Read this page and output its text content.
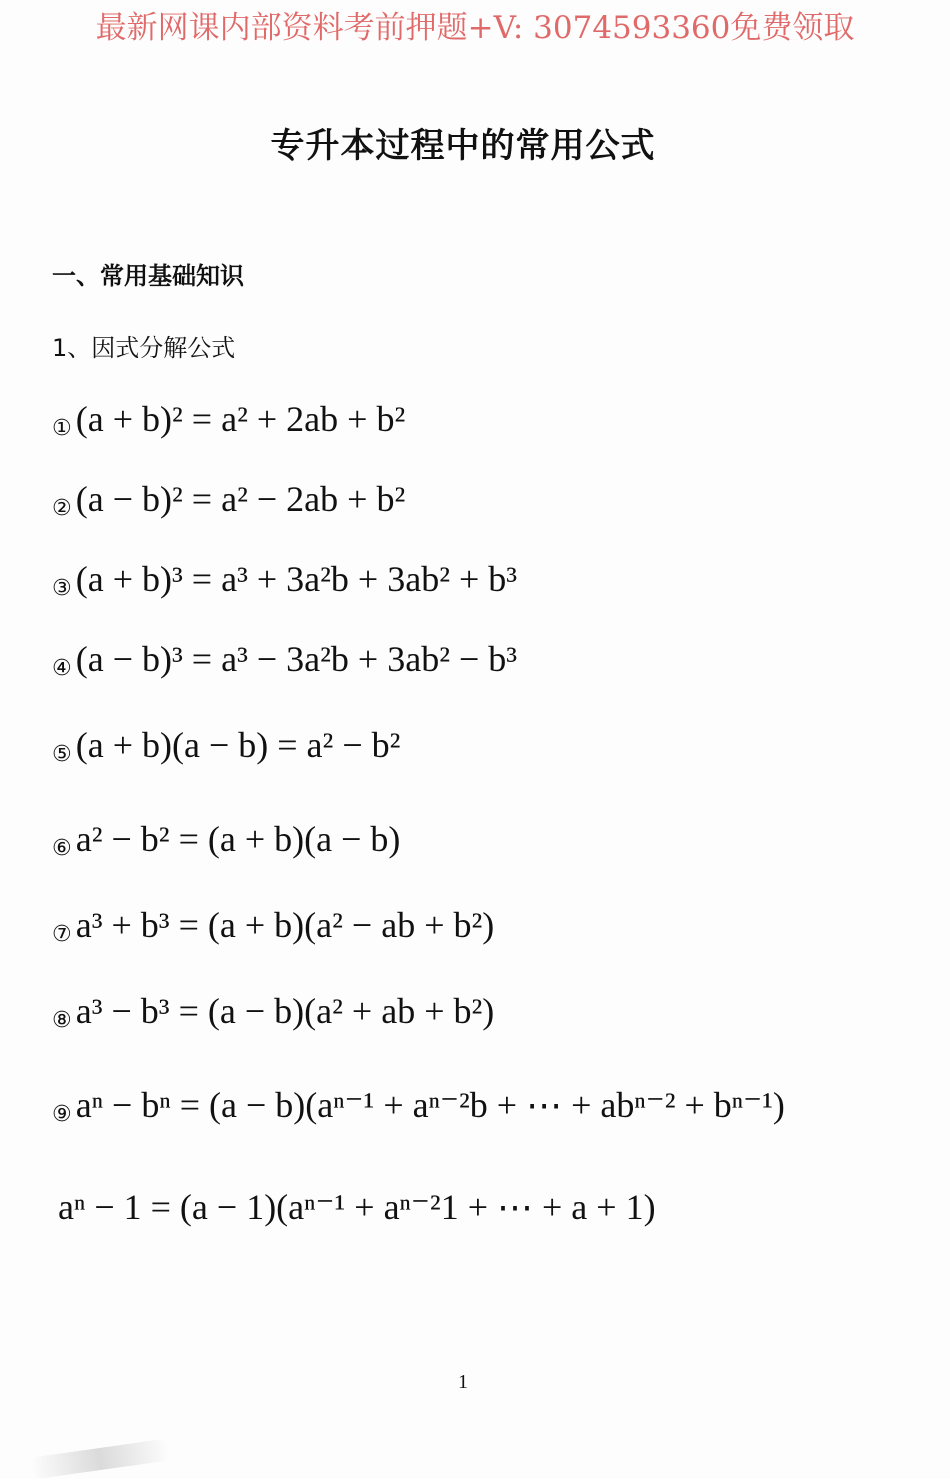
最新网课内部资料考前押题+V: 3074593360免费领取
专升本过程中的常用公式
一、常用基础知识
1、因式分解公式
① (a + b)² = a² + 2ab + b²
② (a − b)² = a² − 2ab + b²
③ (a + b)³ = a³ + 3a²b + 3ab² + b³
④ (a − b)³ = a³ − 3a²b + 3ab² − b³
⑤ (a + b)(a − b) = a² − b²
⑥ a² − b² = (a + b)(a − b)
⑦ a³ + b³ = (a + b)(a² − ab + b²)
⑧ a³ − b³ = (a − b)(a² + ab + b²)
⑨ aⁿ − bⁿ = (a − b)(aⁿ⁻¹ + aⁿ⁻²b + ⋯ + abⁿ⁻² + bⁿ⁻¹)
aⁿ − 1 = (a − 1)(aⁿ⁻¹ + aⁿ⁻²1 + ⋯ + a + 1)
1
